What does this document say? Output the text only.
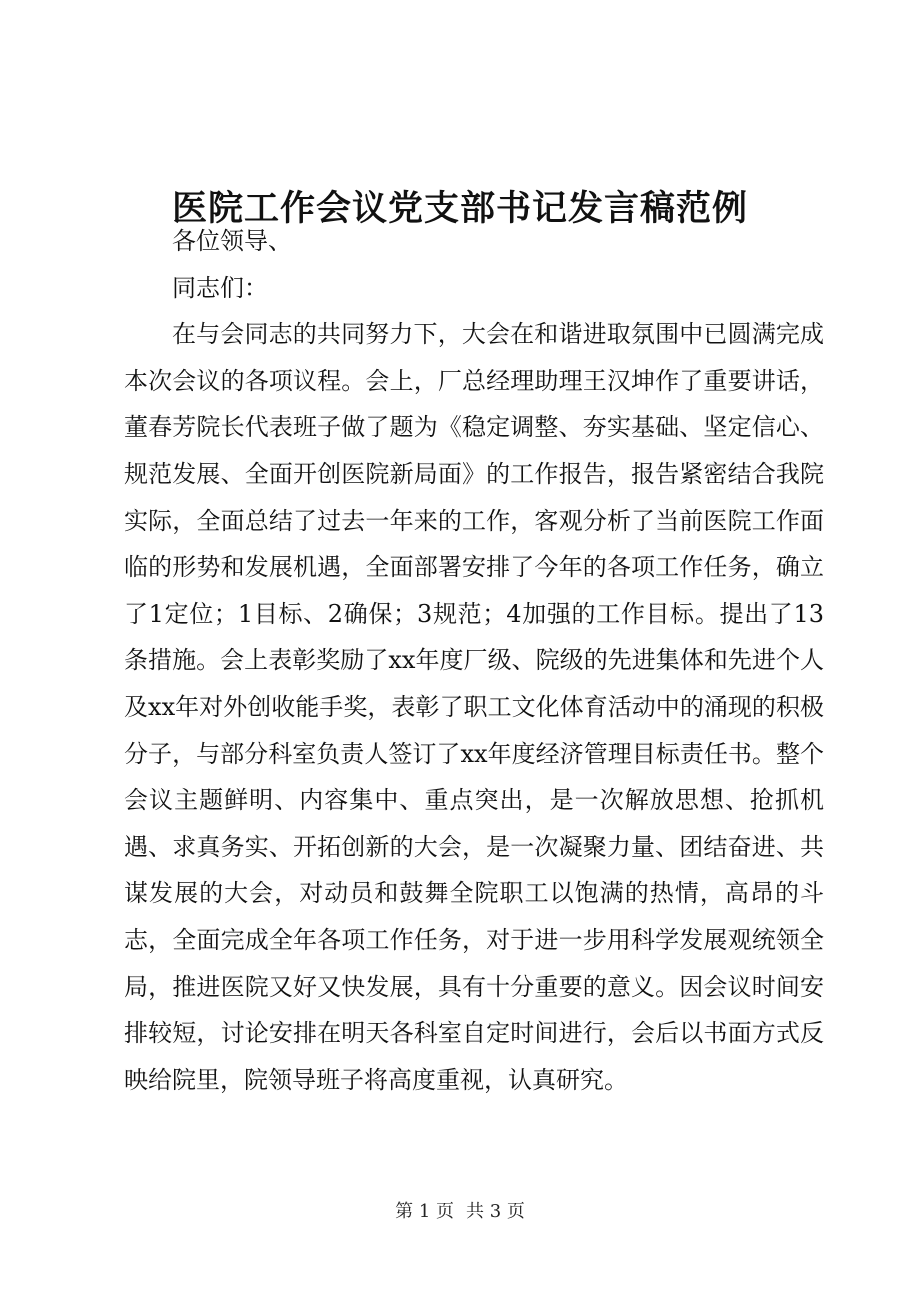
医院工作会议党支部书记发言稿范例

各位领导、

同志们：

在与会同志的共同努力下，大会在和谐进取氛围中已圆满完成本次会议的各项议程。会上，厂总经理助理王汉坤作了重要讲话，董春芳院长代表班子做了题为《稳定调整、夯实基础、坚定信心、规范发展、全面开创医院新局面》的工作报告，报告紧密结合我院实际，全面总结了过去一年来的工作，客观分析了当前医院工作面临的形势和发展机遇，全面部署安排了今年的各项工作任务，确立了1定位；1目标、2确保；3规范；4加强的工作目标。提出了13条措施。会上表彰奖励了xx年度厂级、院级的先进集体和先进个人及xx年对外创收能手奖，表彰了职工文化体育活动中的涌现的积极分子，与部分科室负责人签订了xx年度经济管理目标责任书。整个会议主题鲜明、内容集中、重点突出，是一次解放思想、抢抓机遇、求真务实、开拓创新的大会，是一次凝聚力量、团结奋进、共谋发展的大会，对动员和鼓舞全院职工以饱满的热情，高昂的斗志，全面完成全年各项工作任务，对于进一步用科学发展观统领全局，推进医院又好又快发展，具有十分重要的意义。因会议时间安排较短，讨论安排在明天各科室自定时间进行，会后以书面方式反映给院里，院领导班子将高度重视，认真研究。

第 1 页 共 3 页
